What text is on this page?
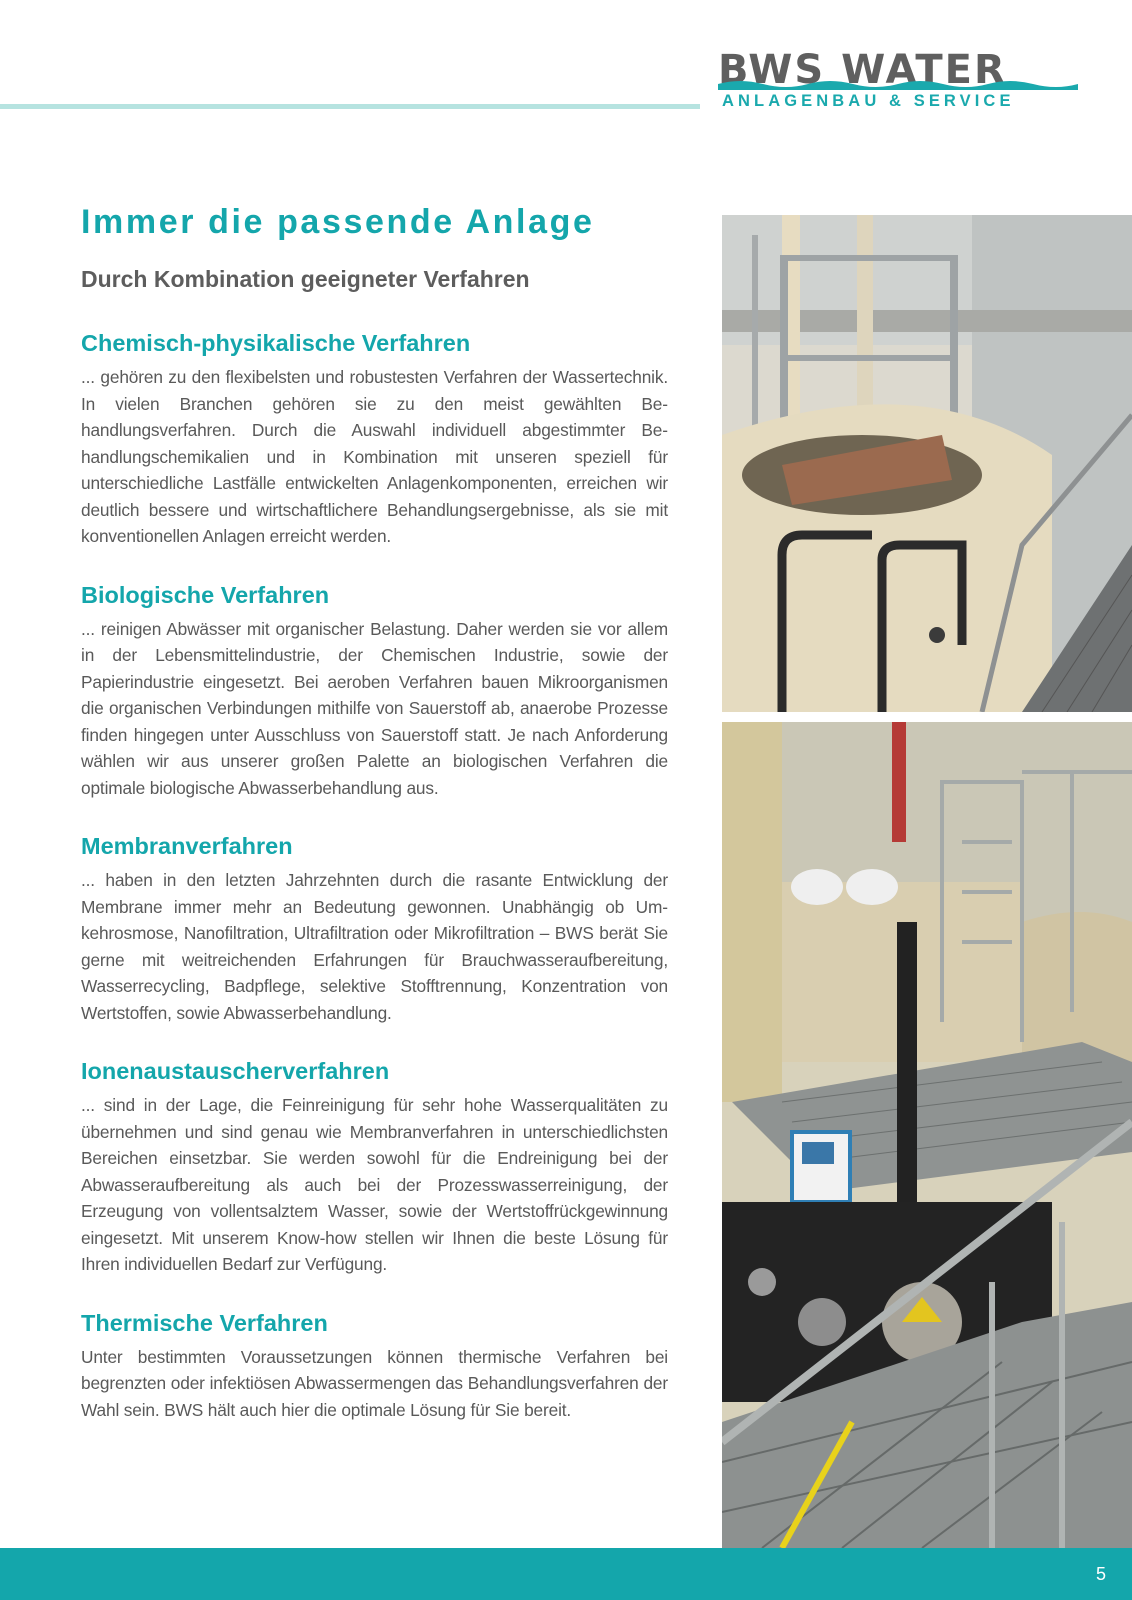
BWS WATER
ANLAGENBAU & SERVICE
Immer die passende Anlage
Durch Kombination geeigneter Verfahren
Chemisch-physikalische Verfahren

... gehören zu den flexibelsten und robustesten Verfahren der Wassertechnik. In vielen Branchen gehören sie zu den meist gewählten Behandlungsverfahren. Durch die Auswahl individuell abgestimmter Behandlungschemikalien und in Kombination mit unseren speziell für unterschiedliche Lastfälle entwickelten Anlagenkomponenten, erreichen wir deutlich bessere und wirtschaftlichere Behandlungsergebnisse, als sie mit konventionellen Anlagen erreicht werden.

Biologische Verfahren

... reinigen Abwässer mit organischer Belastung. Daher werden sie vor allem in der Lebensmittelindustrie, der Chemischen Industrie, sowie der Papierindustrie eingesetzt. Bei aeroben Verfahren bauen Mikroorganismen die organischen Verbindungen mithilfe von Sauerstoff ab, anaerobe Prozesse finden hingegen unter Ausschluss von Sauerstoff statt. Je nach Anforderung wählen wir aus unserer großen Palette an biologischen Verfahren die optimale biologische Abwasserbehandlung aus.

Membranverfahren

... haben in den letzten Jahrzehnten durch die rasante Entwicklung der Membrane immer mehr an Bedeutung gewonnen. Unabhängig ob Umkehrosmose, Nanofiltration, Ultrafiltration oder Mikrofiltration – BWS berät Sie gerne mit weitreichenden Erfahrungen für Brauchwasseraufbereitung, Wasserrecycling, Badpflege, selektive Stofftrennung, Konzentration von Wertstoffen, sowie Abwasserbehandlung.

Ionenaustauscherverfahren

... sind in der Lage, die Feinreinigung für sehr hohe Wasserqualitäten zu übernehmen und sind genau wie Membranverfahren in unterschiedlichsten Bereichen einsetzbar. Sie werden sowohl für die Endreinigung bei der Abwasseraufbereitung als auch bei der Prozesswasserreinigung, der Erzeugung von vollentsalztem Wasser, sowie der Wertstoffrückgewinnung eingesetzt. Mit unserem Know-how stellen wir Ihnen die beste Lösung für Ihren individuellen Bedarf zur Verfügung.

Thermische Verfahren

Unter bestimmten Voraussetzungen können thermische Verfahren bei begrenzten oder infektiösen Abwassermengen das Behandlungsverfahren der Wahl sein. BWS hält auch hier die optimale Lösung für Sie bereit.

5
